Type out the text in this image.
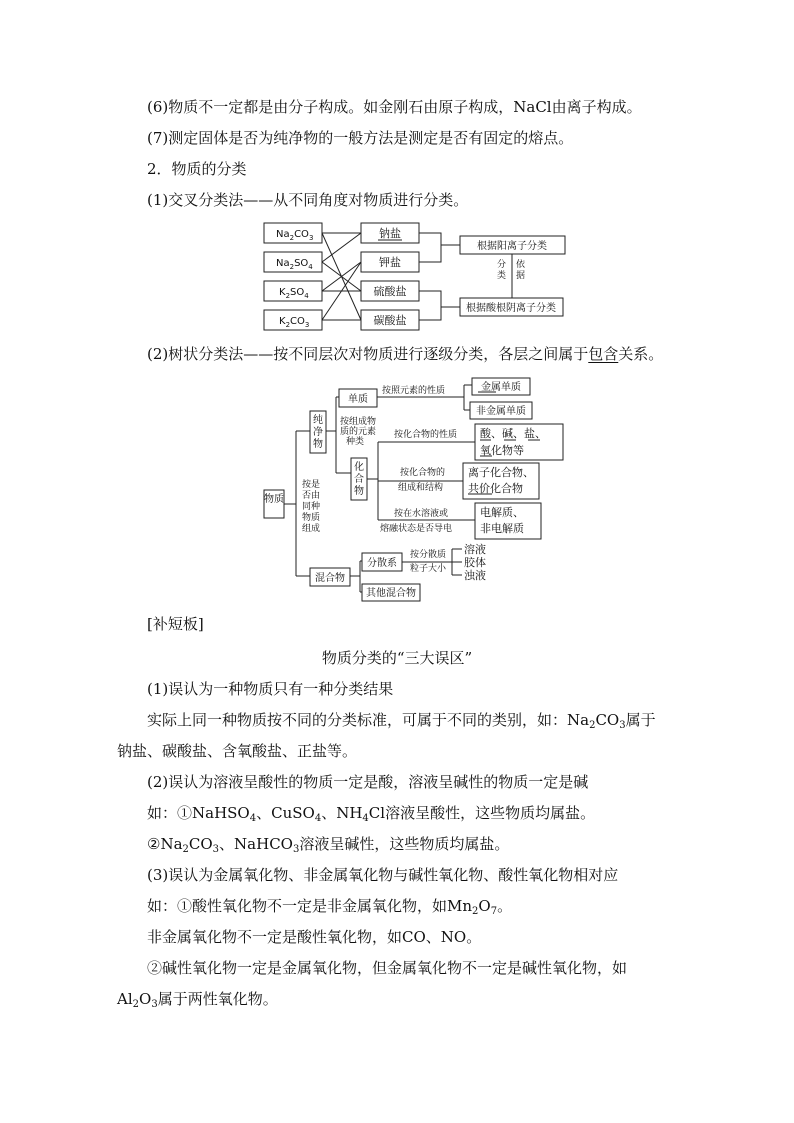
(6)物质不一定都是由分子构成。如金刚石由原子构成，NaCl由离子构成。
(7)测定固体是否为纯净物的一般方法是测定是否有固定的熔点。
2．物质的分类
(1)交叉分类法——从不同角度对物质进行分类。
$Na_2CO_3$
$Na_2SO_4$
$K_2SO_4$
$K_2CO_3$
钠盐
钾盐
硫酸盐
碳酸盐
根据阳离子分类
根据酸根阴离子分类
分
类
依
据
(2)树状分类法——按不同层次对物质进行逐级分类，各层之间属于包含关系。
物质
按是
否由
同种
物质
组成
纯
净
物
按组成物
质的元素
种类
单质
按照元素的性质	金属单质
非金属单质
化
合
物
按化合物的性质
按化合物的
组成和结构
按在水溶液或
熔融状态是否导电
酸、碱、盐、
氧化物等
离子化合物、
共价化合物
电解质、
非电解质
混合物
分散系
按分散质
粒子大小
溶液
胶体
浊液
其他混合物
[补短板]
物质分类的“三大误区”
(1)误认为一种物质只有一种分类结果
实际上同一种物质按不同的分类标准，可属于不同的类别，如：$Na_2CO_3$属于
钠盐、碳酸盐、含氧酸盐、正盐等。
(2)误认为溶液呈酸性的物质一定是酸，溶液呈碱性的物质一定是碱
如：①NaHSO$_4$、CuSO$_4$、$NH_4Cl$溶液呈酸性，这些物质均属盐。
$②Na_2CO_3$、NaHCO$_3$溶液呈碱性，这些物质均属盐。
(3)误认为金属氧化物、非金属氧化物与碱性氧化物、酸性氧化物相对应
如：①酸性氧化物不一定是非金属氧化物，如$Mn_2O_7$。
非金属氧化物不一定是酸性氧化物，如CO、NO。
②碱性氧化物一定是金属氧化物，但金属氧化物不一定是碱性氧化物，如
$Al_2O_3$属于两性氧化物。
